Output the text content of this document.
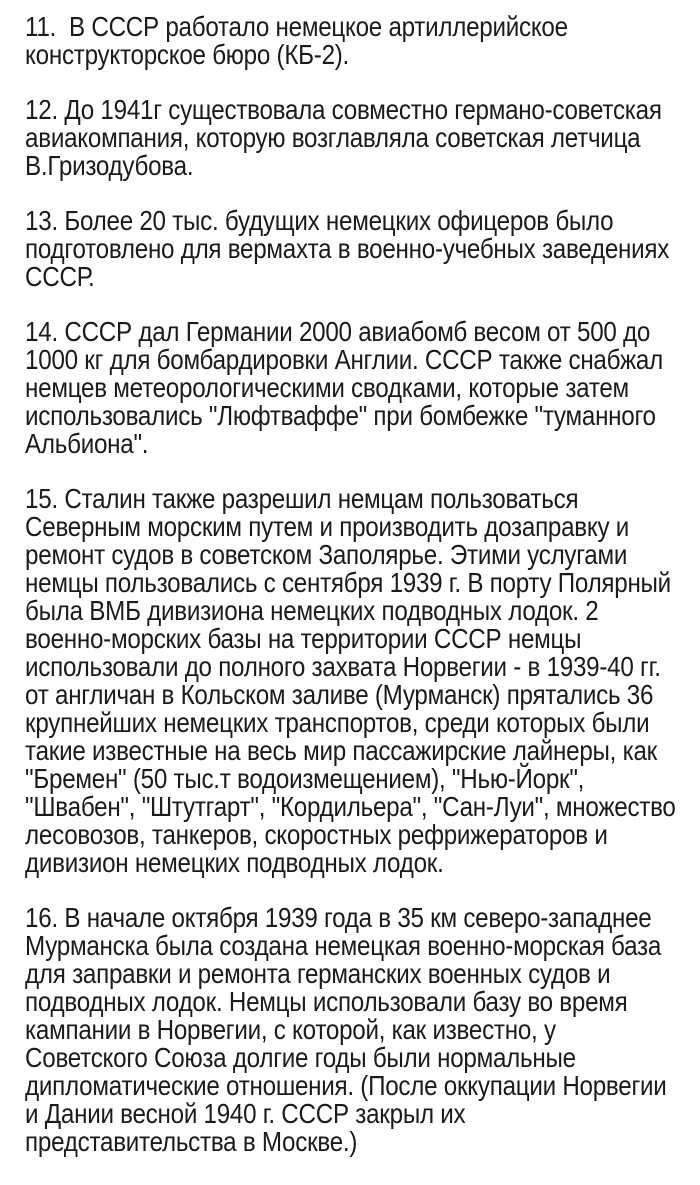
11.  В СССР работало немецкое артиллерийское
конструкторское бюро (КБ-2).
12. До 1941г существовала совместно германо-советская
авиакомпания, которую возглавляла советская летчица
В.Гризодубова.
13. Более 20 тыс. будущих немецких офицеров было
подготовлено для вермахта в военно-учебных заведениях
СССР.
14. СССР дал Германии 2000 авиабомб весом от 500 до
1000 кг для бомбардировки Англии. СССР также снабжал
немцев метеорологическими сводками, которые затем
использовались "Люфтваффе" при бомбежке "туманного
Альбиона".
15. Сталин также разрешил немцам пользоваться
Северным морским путем и производить дозаправку и
ремонт судов в советском Заполярье. Этими услугами
немцы пользовались с сентября 1939 г. В порту Полярный
была ВМБ дивизиона немецких подводных лодок. 2
военно-морских базы на территории СССР немцы
использовали до полного захвата Норвегии - в 1939-40 гг.
от англичан в Кольском заливе (Мурманск) прятались 36
крупнейших немецких транспортов, среди которых были
такие известные на весь мир пассажирские лайнеры, как
"Бремен" (50 тыс.т водоизмещением), "Нью-Йорк",
"Швабен", "Штутгарт", "Кордильера", "Сан-Луи", множество
лесовозов, танкеров, скоростных рефрижераторов и
дивизион немецких подводных лодок.
16. В начале октября 1939 года в 35 км северо-западнее
Мурманска была создана немецкая военно-морская база
для заправки и ремонта германских военных судов и
подводных лодок. Немцы использовали базу во время
кампании в Норвегии, с которой, как известно, у
Советского Союза долгие годы были нормальные
дипломатические отношения. (После оккупации Норвегии
и Дании весной 1940 г. СССР закрыл их
представительства в Москве.)
